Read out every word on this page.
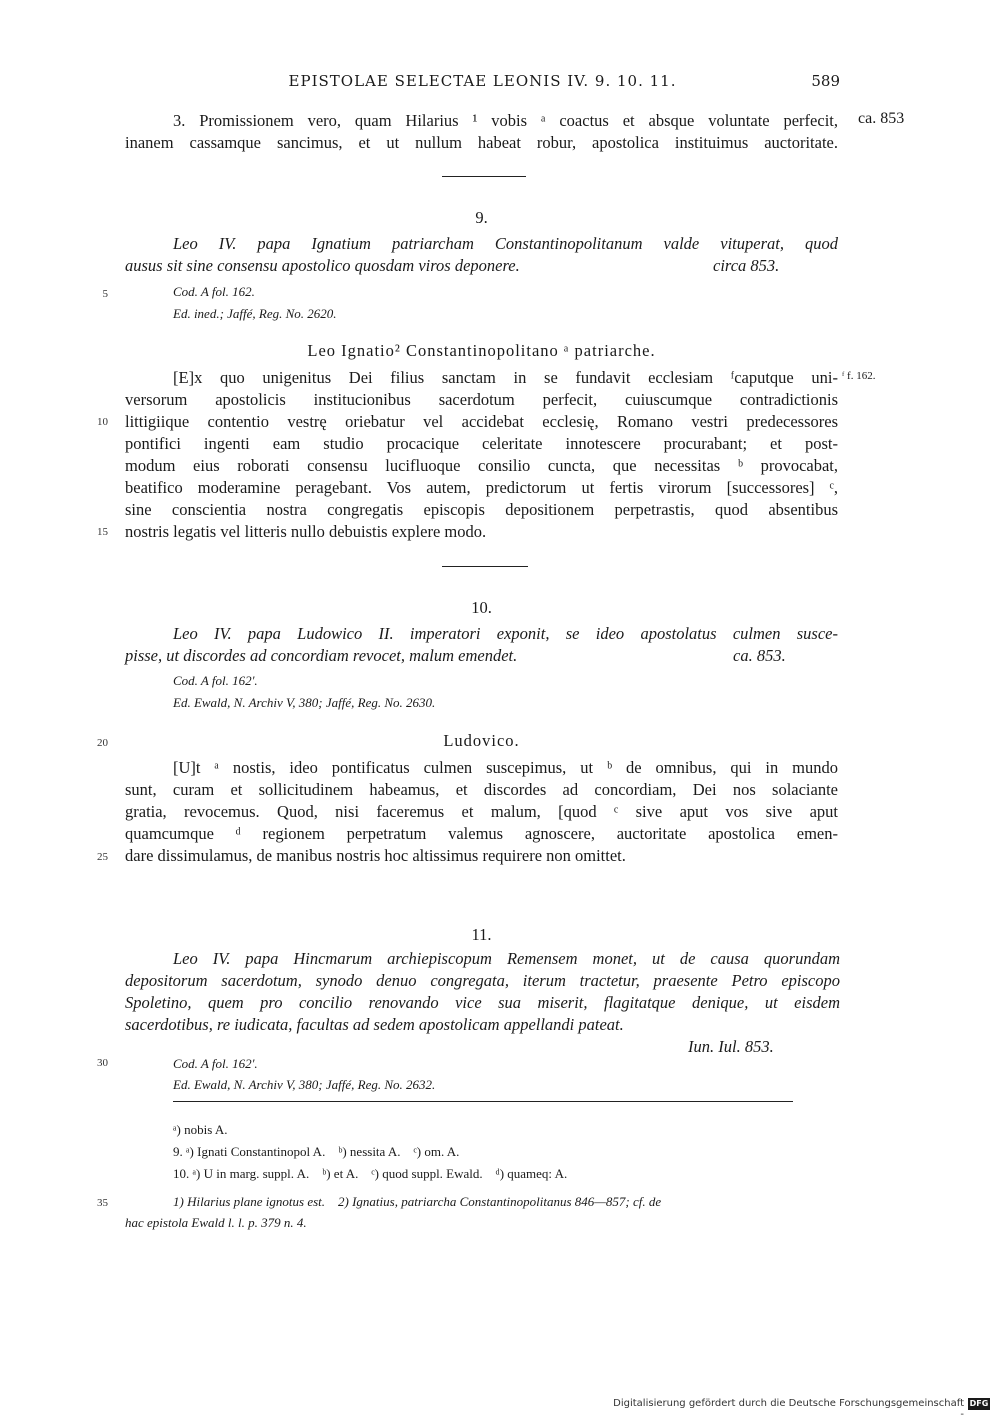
EPISTOLAE SELECTAE LEONIS IV. 9. 10. 11.	589
3. Promissionem vero, quam Hilarius ¹ vobis ᵃ coactus et absque voluntate perfecit,
inanem cassamque sancimus, et ut nullum habeat robur, apostolica instituimus auctoritate.
ca. 853
9.
Leo IV. papa Ignatium patriarcham Constantinopolitanum valde vituperat, quod
ausus sit sine consensu apostolico quosdam viros deponere.	circa 853.
Cod. A fol. 162.
Ed. ined.; Jaffé, Reg. No. 2620.
Leo Ignatio² Constantinopolitano ᵃ patriarche.
[E]x quo unigenitus Dei filius sanctam in se fundavit ecclesiam ᶠcaputque uni-
versorum apostolicis institucionibus sacerdotum perfecit, cuiuscumque contradictionis
littigiique contentio vestrę oriebatur vel accidebat ecclesię, Romano vestri predecessores
pontifici ingenti eam studio procacique celeritate innotescere procurabant; et post-
modum eius roborati consensu lucifluoque consilio cuncta, que necessitas ᵇ provocabat,
beatifico moderamine peragebant. Vos autem, predictorum ut fertis virorum [successores] ᶜ,
sine conscientia nostra congregatis episcopis depositionem perpetrastis, quod absentibus
nostris legatis vel litteris nullo debuistis explere modo.
ᶠ f. 162.
10.
Leo IV. papa Ludowico II. imperatori exponit, se ideo apostolatus culmen susce-
pisse, ut discordes ad concordiam revocet, malum emendet.	ca. 853.
Cod. A fol. 162'.
Ed. Ewald, N. Archiv V, 380; Jaffé, Reg. No. 2630.
Ludovico.
[U]t ᵃ nostis, ideo pontificatus culmen suscepimus, ut ᵇ de omnibus, qui in mundo
sunt, curam et sollicitudinem habeamus, et discordes ad concordiam, Dei nos solaciante
gratia, revocemus. Quod, nisi faceremus et malum, [quod ᶜ sive aput vos sive aput
quamcumque ᵈ regionem perpetratum valemus agnoscere, auctoritate apostolica emen-
dare dissimulamus, de manibus nostris hoc altissimus requirere non omittet.
11.
Leo IV. papa Hincmarum archiepiscopum Remensem monet, ut de causa quorundam
depositorum sacerdotum, synodo denuo congregata, iterum tractetur, praesente Petro episcopo
Spoletino, quem pro concilio renovando vice sua miserit, flagitatque denique, ut eisdem
sacerdotibus, re iudicata, facultas ad sedem apostolicam appellandi pateat.
Iun. Iul. 853.
Cod. A fol. 162'.
Ed. Ewald, N. Archiv V, 380; Jaffé, Reg. No. 2632.
ᵃ) nobis A.
9. ᵃ) Ignati Constantinopol A.    ᵇ) nessita A.    ᶜ) om. A.
10. ᵃ) U in marg. suppl. A.    ᵇ) et A.    ᶜ) quod suppl. Ewald.    ᵈ) quameq: A.
1) Hilarius plane ignotus est.    2) Ignatius, patriarcha Constantinopolitanus 846—857; cf. de
hac epistola Ewald l. l. p. 379 n. 4.
5
10
15
20
25
30
35
Digitalisierung gefördert durch die Deutsche Forschungsgemeinschaft -
DFG
